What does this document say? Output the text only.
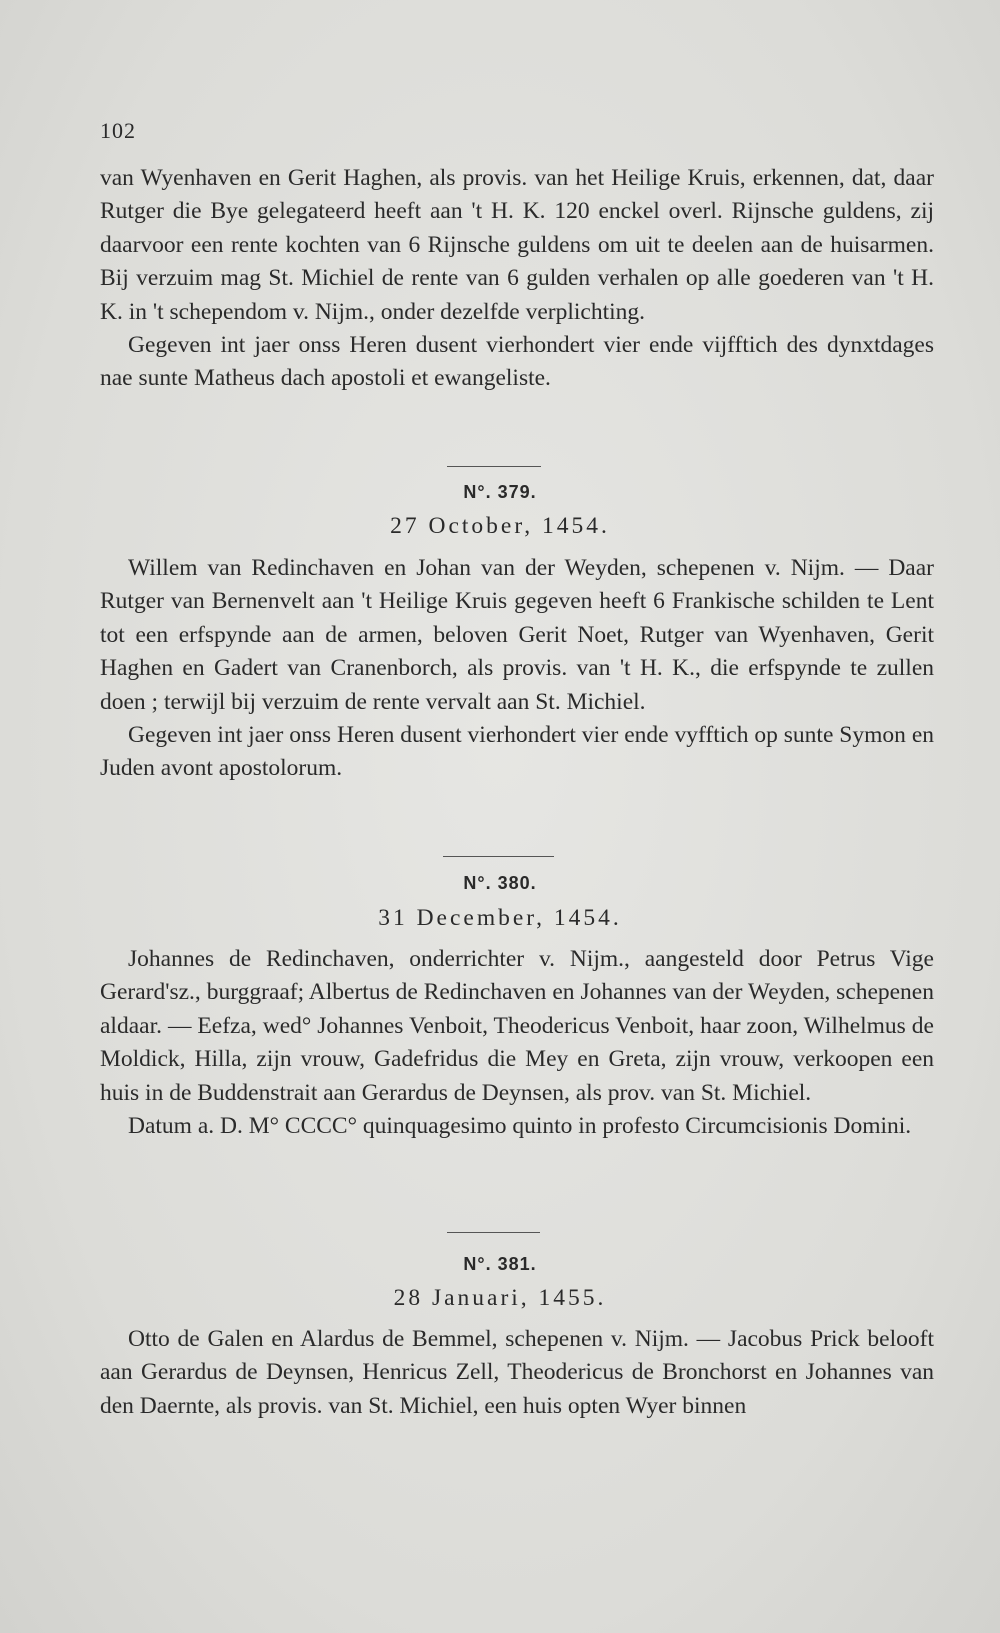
102

van Wyenhaven en Gerit Haghen, als provis. van het Heilige Kruis, erkennen, dat, daar Rutger die Bye gelegateerd heeft aan 't H. K. 120 enckel overl. Rijnsche guldens, zij daarvoor een rente kochten van 6 Rijnsche guldens om uit te deelen aan de huisarmen. Bij verzuim mag St. Michiel de rente van 6 gulden verhalen op alle goederen van 't H. K. in 't schependom v. Nijm., onder dezelfde verplichting.

Gegeven int jaer onss Heren dusent vierhondert vier ende vijfftich des dynxtdages nae sunte Matheus dach apostoli et ewangeliste.

N°. 379.
27 October, 1454.

Willem van Redinchaven en Johan van der Weyden, schepenen v. Nijm. — Daar Rutger van Bernenvelt aan 't Heilige Kruis gegeven heeft 6 Frankische schilden te Lent tot een erfspynde aan de armen, beloven Gerit Noet, Rutger van Wyenhaven, Gerit Haghen en Gadert van Cranenborch, als provis. van 't H. K., die erfspynde te zullen doen ; terwijl bij verzuim de rente vervalt aan St. Michiel.

Gegeven int jaer onss Heren dusent vierhondert vier ende vyfftich op sunte Symon en Juden avont apostolorum.

N°. 380.
31 December, 1454.

Johannes de Redinchaven, onderrichter v. Nijm., aangesteld door Petrus Vige Gerard'sz., burggraaf; Albertus de Redinchaven en Johannes van der Weyden, schepenen aldaar. — Eefza, wed° Johannes Venboit, Theodericus Venboit, haar zoon, Wilhelmus de Moldick, Hilla, zijn vrouw, Gadefridus die Mey en Greta, zijn vrouw, verkoopen een huis in de Buddenstrait aan Gerardus de Deynsen, als prov. van St. Michiel.

Datum a. D. M° CCCC° quinquagesimo quinto in profesto Circumcisionis Domini.

N°. 381.
28 Januari, 1455.

Otto de Galen en Alardus de Bemmel, schepenen v. Nijm. — Jacobus Prick belooft aan Gerardus de Deynsen, Henricus Zell, Theodericus de Bronchorst en Johannes van den Daernte, als provis. van St. Michiel, een huis opten Wyer binnen
